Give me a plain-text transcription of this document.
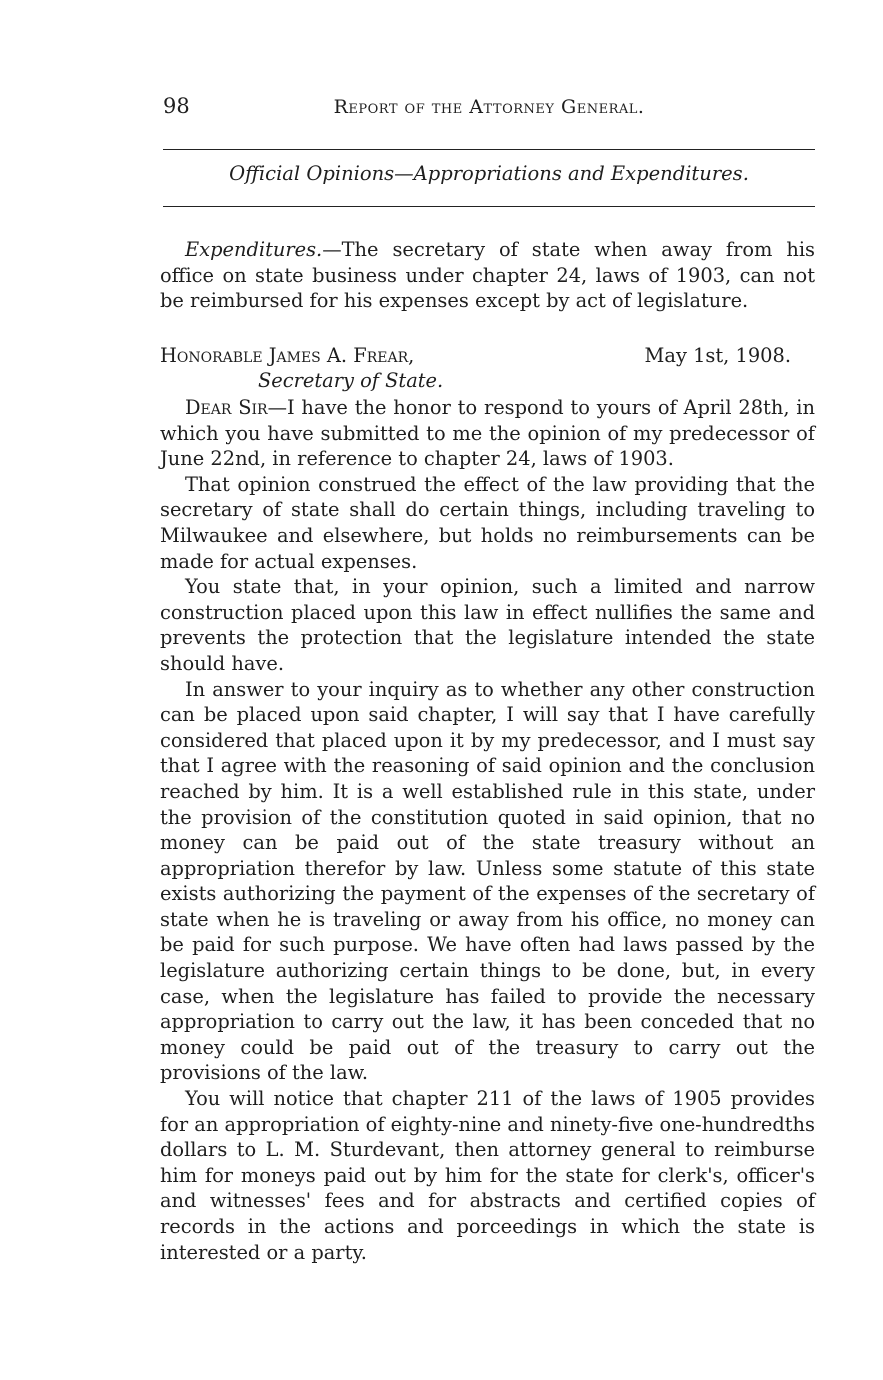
98	Report of the Attorney General.
Official Opinions—Appropriations and Expenditures.
Expenditures.—The secretary of state when away from his office on state business under chapter 24, laws of 1903, can not be reimbursed for his expenses except by act of legislature.
Honorable James A. Frear,	May 1st, 1908.
Secretary of State.

Dear Sir—I have the honor to respond to yours of April 28th, in which you have submitted to me the opinion of my predecessor of June 22nd, in reference to chapter 24, laws of 1903.

That opinion construed the effect of the law providing that the secretary of state shall do certain things, including traveling to Milwaukee and elsewhere, but holds no reimbursements can be made for actual expenses.

You state that, in your opinion, such a limited and narrow construction placed upon this law in effect nullifies the same and prevents the protection that the legislature intended the state should have.

In answer to your inquiry as to whether any other construction can be placed upon said chapter, I will say that I have carefully considered that placed upon it by my predecessor, and I must say that I agree with the reasoning of said opinion and the conclusion reached by him. It is a well established rule in this state, under the provision of the constitution quoted in said opinion, that no money can be paid out of the state treasury without an appropriation therefor by law. Unless some statute of this state exists authorizing the payment of the expenses of the secretary of state when he is traveling or away from his office, no money can be paid for such purpose. We have often had laws passed by the legislature authorizing certain things to be done, but, in every case, when the legislature has failed to provide the necessary appropriation to carry out the law, it has been conceded that no money could be paid out of the treasury to carry out the provisions of the law.

You will notice that chapter 211 of the laws of 1905 provides for an appropriation of eighty-nine and ninety-five one-hundredths dollars to L. M. Sturdevant, then attorney general to reimburse him for moneys paid out by him for the state for clerk's, officer's and witnesses' fees and for abstracts and certified copies of records in the actions and porceedings in which the state is interested or a party.
